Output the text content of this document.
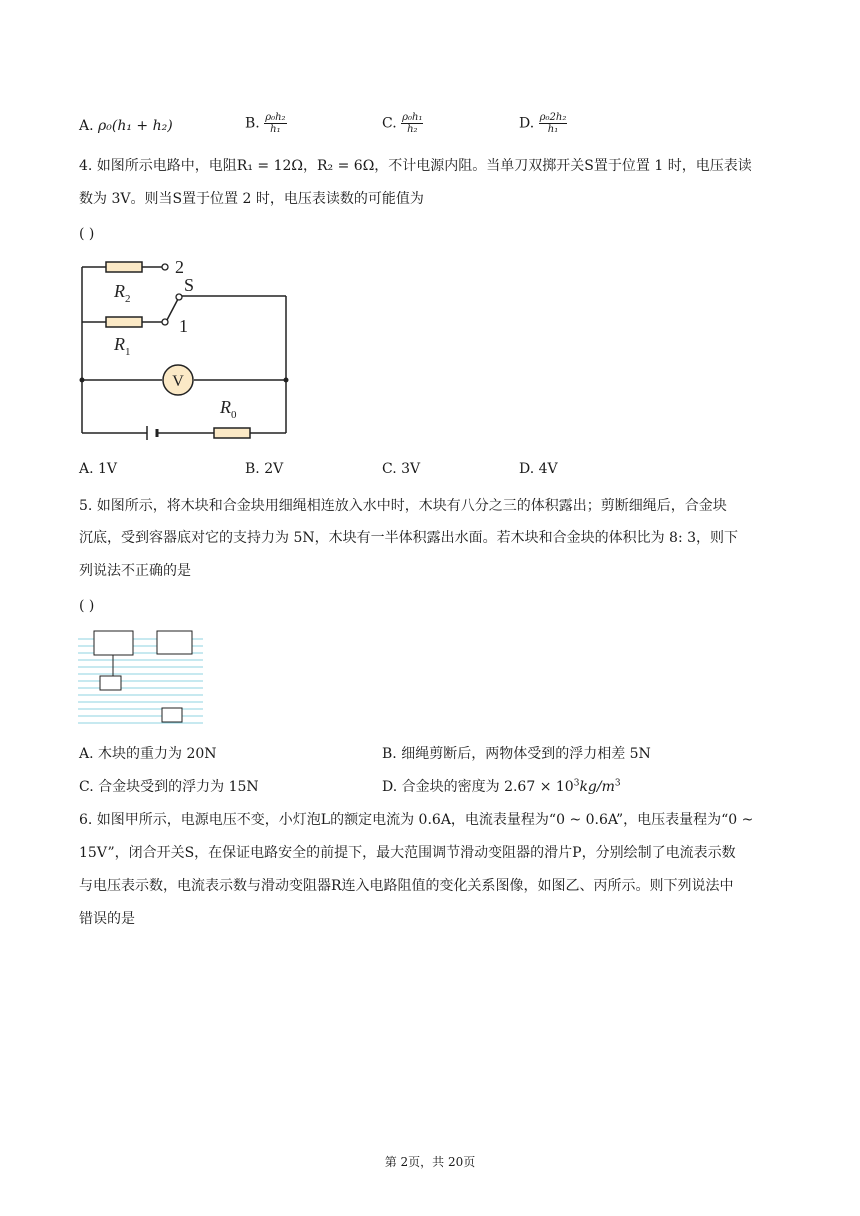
A. ρ₀(h₁ + h₂)	B. $\frac{\text{ρ₀h₂}}{\text{h₁}}$	C. $\frac{\text{ρ₀h₁}}{\text{h₂}}$	D. $\frac{\text{ρ₀2h₂}}{\text{h₁}}$
4. 如图所示电路中，电阻R₁ = 12Ω，R₂ = 6Ω，不计电源内阻。当单刀双掷开关S置于位置 1 时，电压表读
数为 3V。则当S置于位置 2 时，电压表读数的可能值为
( )
V
2
1
S
$R_2$
$R_1$
$R_0$
A. 1V	B. 2V	C. 3V	D. 4V
5. 如图所示，将木块和合金块用细绳相连放入水中时，木块有八分之三的体积露出；剪断细绳后，合金块
沉底，受到容器底对它的支持力为 5N，木块有一半体积露出水面。若木块和合金块的体积比为 8: 3，则下
列说法不正确的是
( )
A. 木块的重力为 20N	B. 细绳剪断后，两物体受到的浮力相差 5N
C. 合金块受到的浮力为 15N	D. 合金块的密度为 $2.67 \times 10^3kg/m^3$
6. 如图甲所示，电源电压不变，小灯泡L的额定电流为 0.6A，电流表量程为“0 ~ 0.6A”，电压表量程为“0 ~
15V”，闭合开关S，在保证电路安全的前提下，最大范围调节滑动变阻器的滑片P，分别绘制了电流表示数
与电压表示数，电流表示数与滑动变阻器R连入电路阻值的变化关系图像，如图乙、丙所示。则下列说法中
错误的是
第 2页，共 20页
